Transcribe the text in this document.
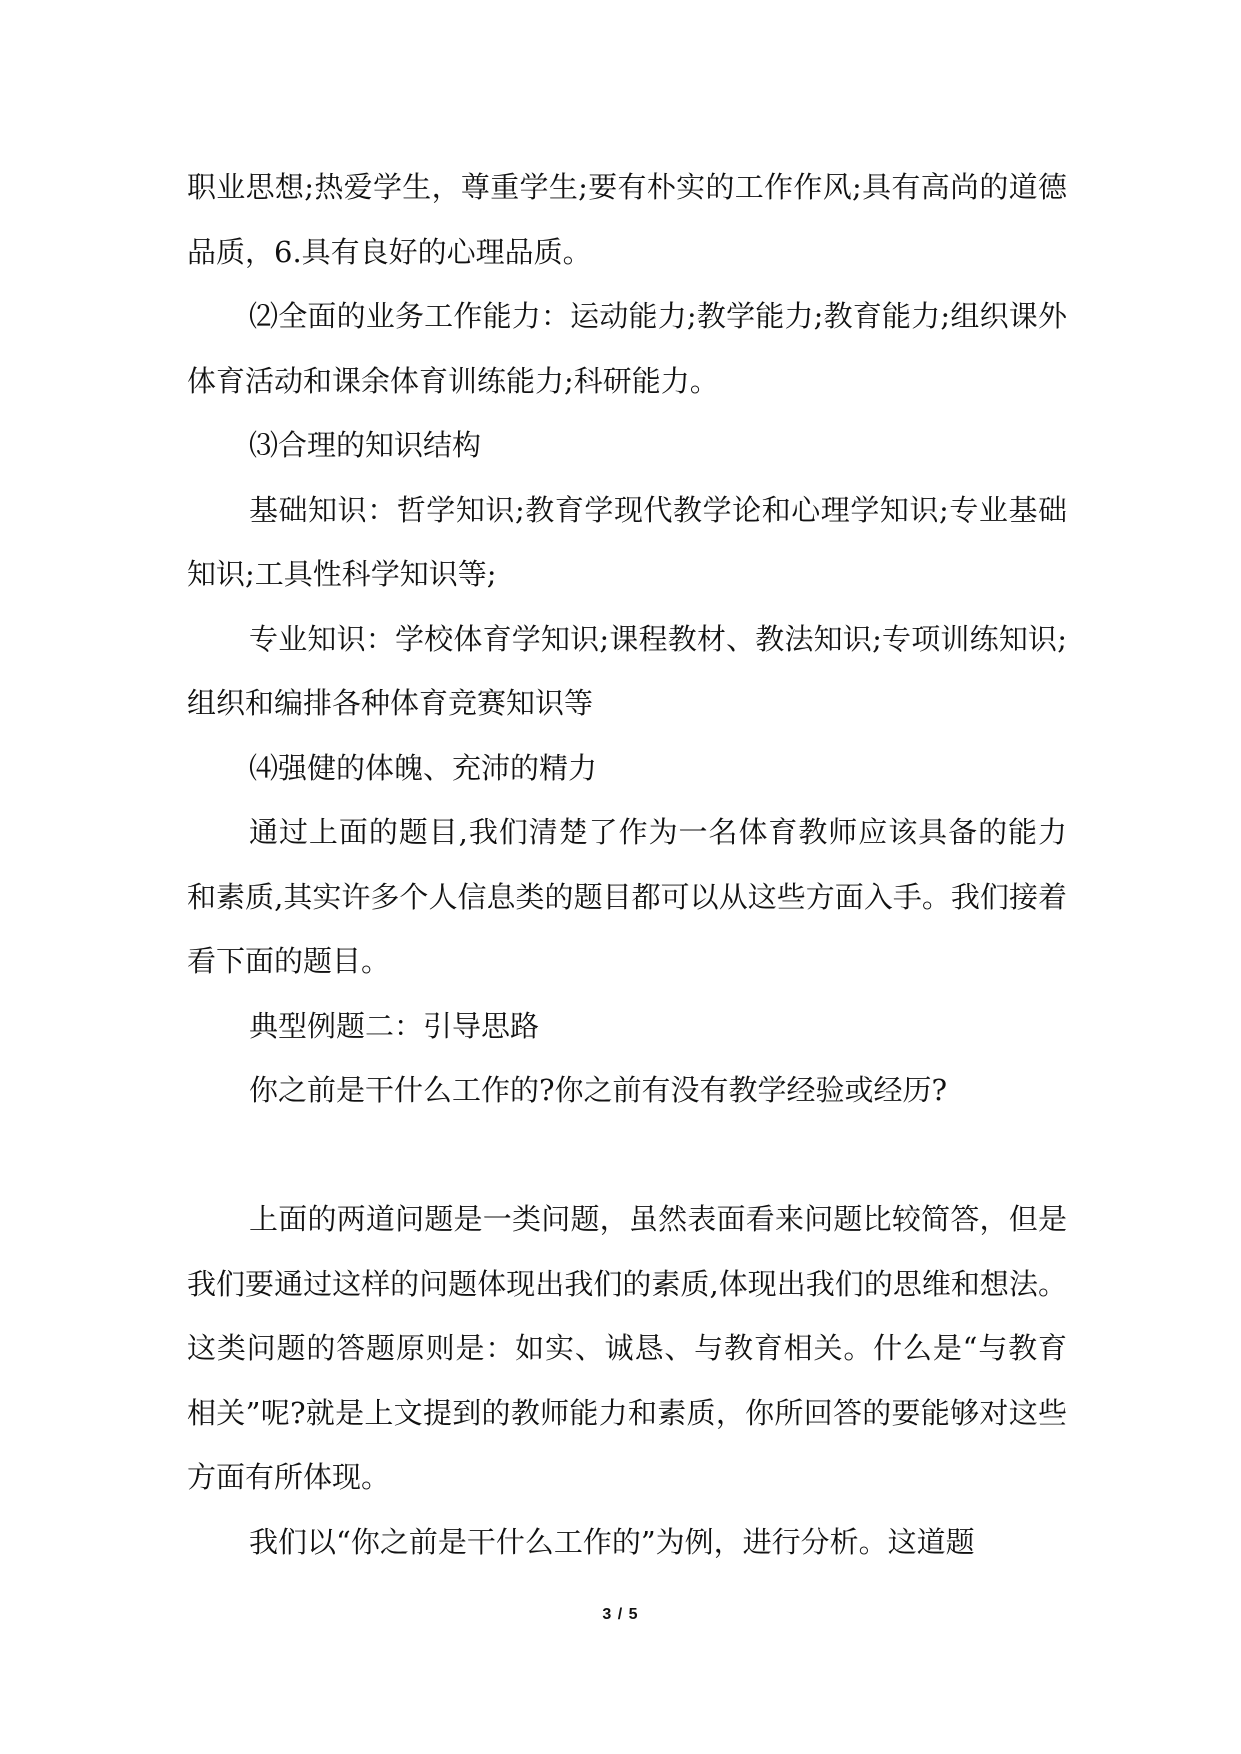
职业思想;热爱学生，尊重学生;要有朴实的工作作风;具有高尚的道德品质，6.具有良好的心理品质。

⑵全面的业务工作能力：运动能力;教学能力;教育能力;组织课外体育活动和课余体育训练能力;科研能力。

⑶合理的知识结构

基础知识：哲学知识;教育学现代教学论和心理学知识;专业基础知识;工具性科学知识等;

专业知识：学校体育学知识;课程教材、教法知识;专项训练知识;组织和编排各种体育竞赛知识等

⑷强健的体魄、充沛的精力

通过上面的题目,我们清楚了作为一名体育教师应该具备的能力和素质,其实许多个人信息类的题目都可以从这些方面入手。我们接着看下面的题目。

典型例题二：引导思路

你之前是干什么工作的?你之前有没有教学经验或经历?

上面的两道问题是一类问题，虽然表面看来问题比较简答，但是我们要通过这样的问题体现出我们的素质,体现出我们的思维和想法。这类问题的答题原则是：如实、诚恳、与教育相关。什么是“与教育相关”呢?就是上文提到的教师能力和素质，你所回答的要能够对这些方面有所体现。

我们以“你之前是干什么工作的”为例，进行分析。这道题

3 / 5
